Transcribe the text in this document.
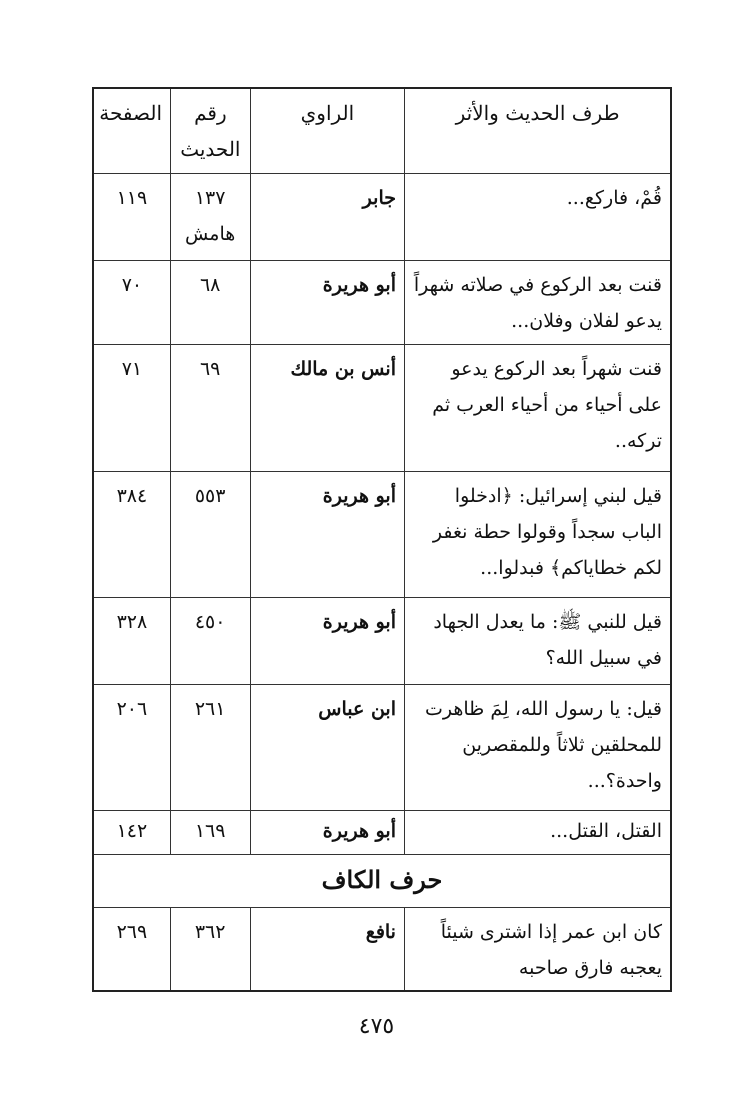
طرف الحديث والأثر
الراوي
رقم الحديث
الصفحة
قُمْ، فاركع...
جابر
١٣٧ هامش
١١٩
قنت بعد الركوع في صلاته شهراً يدعو لفلان وفلان...
أبو هريرة
٦٨
٧٠
قنت شهراً بعد الركوع يدعو على أحياء من أحياء العرب ثم تركه..
أنس بن مالك
٦٩
٧١
قيل لبني إسرائيل: ﴿ادخلوا الباب سجداً وقولوا حطة نغفر لكم خطاياكم﴾ فبدلوا...
أبو هريرة
٥٥٣
٣٨٤
قيل للنبي ﷺ: ما يعدل الجهاد في سبيل الله؟
أبو هريرة
٤٥٠
٣٢٨
قيل: يا رسول الله، لِمَ ظاهرت للمحلقين ثلاثاً وللمقصرين واحدة؟...
ابن عباس
٢٦١
٢٠٦
القتل، القتل...
أبو هريرة
١٦٩
١٤٢
حرف الكاف
كان ابن عمر إذا اشترى شيئاً يعجبه فارق صاحبه
نافع
٣٦٢
٢٦٩
٤٧٥
